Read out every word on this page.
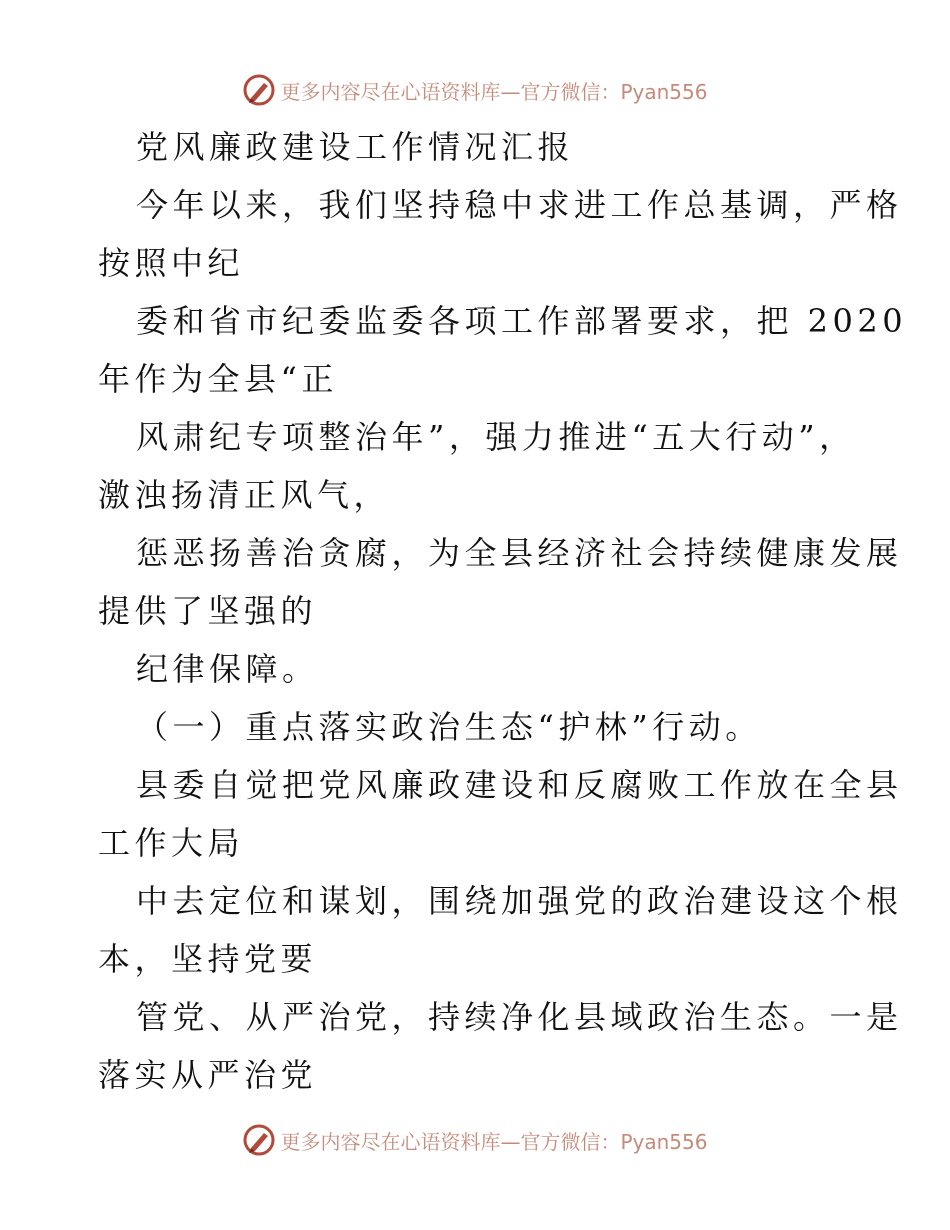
更多内容尽在心语资料库—官方微信：Pyan556
党风廉政建设工作情况汇报
今年以来，我们坚持稳中求进工作总基调，严格
按照中纪
委和省市纪委监委各项工作部署要求，把 2020
年作为全县“正
风肃纪专项整治年”，强力推进“五大行动”，
激浊扬清正风气，
惩恶扬善治贪腐，为全县经济社会持续健康发展
提供了坚强的
纪律保障。
（一）重点落实政治生态“护林”行动。
县委自觉把党风廉政建设和反腐败工作放在全县
工作大局
中去定位和谋划，围绕加强党的政治建设这个根
本，坚持党要
管党、从严治党，持续净化县域政治生态。一是
落实从严治党
更多内容尽在心语资料库—官方微信：Pyan556
